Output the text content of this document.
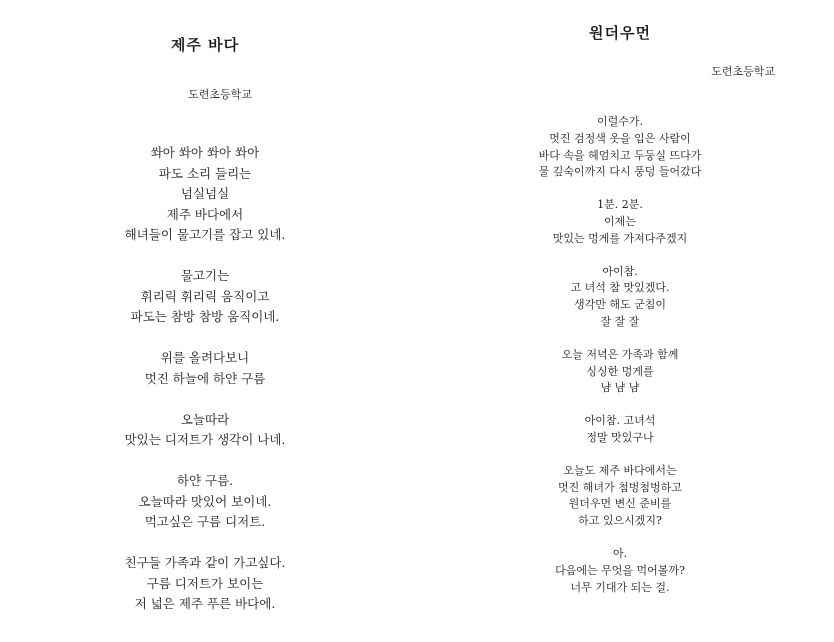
제주 바다

도련초등학교

쏴아 쏴아 쏴아 쏴아
파도 소리 들리는
넘실넘실
제주 바다에서
해녀들이 물고기를 잡고 있네.
물고기는
휘리릭 휘리릭 움직이고
파도는 참방 참방 움직이네.
위를 올려다보니
멋진 하늘에 하얀 구름
오늘따라
맛있는 디저트가 생각이 나네.
하얀 구름.
오늘따라 맛있어 보이네.
먹고싶은 구름 디저트.
친구들 가족과 같이 가고싶다.
구름 디저트가 보이는
저 넓은 제주 푸른 바다에.
원더우먼

도련초등학교

이럴수가.
멋진 검정색 옷을 입은 사람이
바다 속을 헤엄치고 두둥실 뜨다가
물 깊숙이까지 다시 풍덩 들어갔다
1분. 2분.
이제는
맛있는 멍게를 가져다주겠지
아이참.
고 녀석 참 맛있겠다.
생각만 해도 군침이
잘 잘 잘
오늘 저녁은 가족과 함께
싱싱한 멍게를
냠 냠 냠
아이참. 고녀석
정말 맛있구나
오늘도 제주 바다에서는
멋진 해녀가 첨벙첨벙하고
원더우먼 변신 준비를
하고 있으시겠지?
아.
다음에는 무엇을 먹어볼까?
너무 기대가 되는 걸.
